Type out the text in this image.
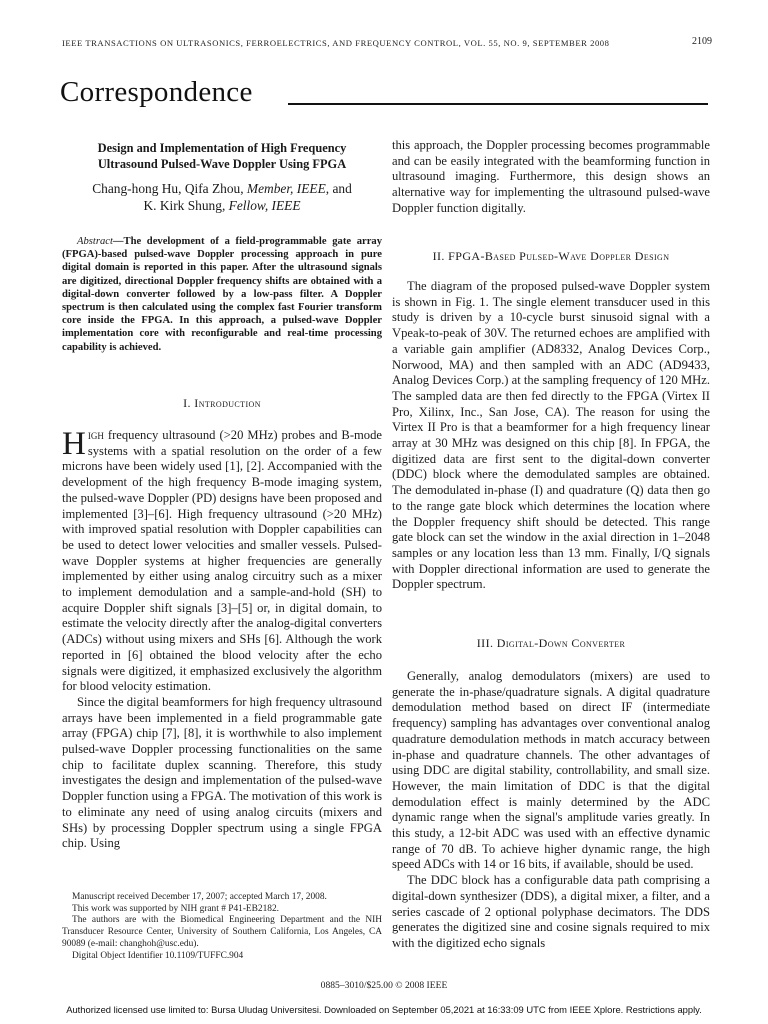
IEEE TRANSACTIONS ON ULTRASONICS, FERROELECTRICS, AND FREQUENCY CONTROL, VOL. 55, NO. 9, SEPTEMBER 2008	2109
Correspondence
Design and Implementation of High Frequency
Ultrasound Pulsed-Wave Doppler Using FPGA
Chang-hong Hu, Qifa Zhou, Member, IEEE, and
K. Kirk Shung, Fellow, IEEE
Abstract—The development of a field-programmable gate array (FPGA)-based pulsed-wave Doppler processing approach in pure digital domain is reported in this paper. After the ultrasound signals are digitized, directional Doppler frequency shifts are obtained with a digital-down converter followed by a low-pass filter. A Doppler spectrum is then calculated using the complex fast Fourier transform core inside the FPGA. In this approach, a pulsed-wave Doppler implementation core with reconfigurable and real-time processing capability is achieved.
I. Introduction

High frequency ultrasound (>20 MHz) probes and B-mode systems with a spatial resolution on the order of a few microns have been widely used [1], [2]. Accompanied with the development of the high frequency B-mode imaging system, the pulsed-wave Doppler (PD) designs have been proposed and implemented [3]–[6]. High frequency ultrasound (>20 MHz) with improved spatial resolution with Doppler capabilities can be used to detect lower velocities and smaller vessels. Pulsed-wave Doppler systems at higher frequencies are generally implemented by either using analog circuitry such as a mixer to implement demodulation and a sample-and-hold (SH) to acquire Doppler shift signals [3]–[5] or, in digital domain, to estimate the velocity directly after the analog-digital converters (ADCs) without using mixers and SHs [6]. Although the work reported in [6] obtained the blood velocity after the echo signals were digitized, it emphasized exclusively the algorithm for blood velocity estimation.

Since the digital beamformers for high frequency ultrasound arrays have been implemented in a field programmable gate array (FPGA) chip [7], [8], it is worthwhile to also implement pulsed-wave Doppler processing functionalities on the same chip to facilitate duplex scanning. Therefore, this study investigates the design and implementation of the pulsed-wave Doppler function using a FPGA. The motivation of this work is to eliminate any need of using analog circuits (mixers and SHs) by processing Doppler spectrum using a single FPGA chip. Using

Manuscript received December 17, 2007; accepted March 17, 2008.

This work was supported by NIH grant # P41-EB2182.

The authors are with the Biomedical Engineering Department and the NIH Transducer Resource Center, University of Southern California, Los Angeles, CA 90089 (e-mail: changhoh@usc.edu).

Digital Object Identifier 10.1109/TUFFC.904

this approach, the Doppler processing becomes programmable and can be easily integrated with the beamforming function in ultrasound imaging. Furthermore, this design shows an alternative way for implementing the ultrasound pulsed-wave Doppler function digitally.

II. FPGA-Based Pulsed-Wave Doppler Design

The diagram of the proposed pulsed-wave Doppler system is shown in Fig. 1. The single element transducer used in this study is driven by a 10-cycle burst sinusoid signal with a Vpeak-to-peak of 30V. The returned echoes are amplified with a variable gain amplifier (AD8332, Analog Devices Corp., Norwood, MA) and then sampled with an ADC (AD9433, Analog Devices Corp.) at the sampling frequency of 120 MHz. The sampled data are then fed directly to the FPGA (Virtex II Pro, Xilinx, Inc., San Jose, CA). The reason for using the Virtex II Pro is that a beamformer for a high frequency linear array at 30 MHz was designed on this chip [8]. In FPGA, the digitized data are first sent to the digital-down converter (DDC) block where the demodulated samples are obtained. The demodulated in-phase (I) and quadrature (Q) data then go to the range gate block which determines the location where the Doppler frequency shift should be detected. This range gate block can set the window in the axial direction in 1–2048 samples or any location less than 13 mm. Finally, I/Q signals with Doppler directional information are used to generate the Doppler spectrum.

III. Digital-Down Converter

Generally, analog demodulators (mixers) are used to generate the in-phase/quadrature signals. A digital quadrature demodulation method based on direct IF (intermediate frequency) sampling has advantages over conventional analog quadrature demodulation methods in match accuracy between in-phase and quadrature channels. The other advantages of using DDC are digital stability, controllability, and small size. However, the main limitation of DDC is that the digital demodulation effect is mainly determined by the ADC dynamic range when the signal's amplitude varies greatly. In this study, a 12-bit ADC was used with an effective dynamic range of 70 dB. To achieve higher dynamic range, the high speed ADCs with 14 or 16 bits, if available, should be used.

The DDC block has a configurable data path comprising a digital-down synthesizer (DDS), a digital mixer, a filter, and a series cascade of 2 optional polyphase decimators. The DDS generates the digitized sine and cosine signals required to mix with the digitized echo signals

0885–3010/$25.00 © 2008 IEEE
Authorized licensed use limited to: Bursa Uludag Universitesi. Downloaded on September 05,2021 at 16:33:09 UTC from IEEE Xplore. Restrictions apply.
